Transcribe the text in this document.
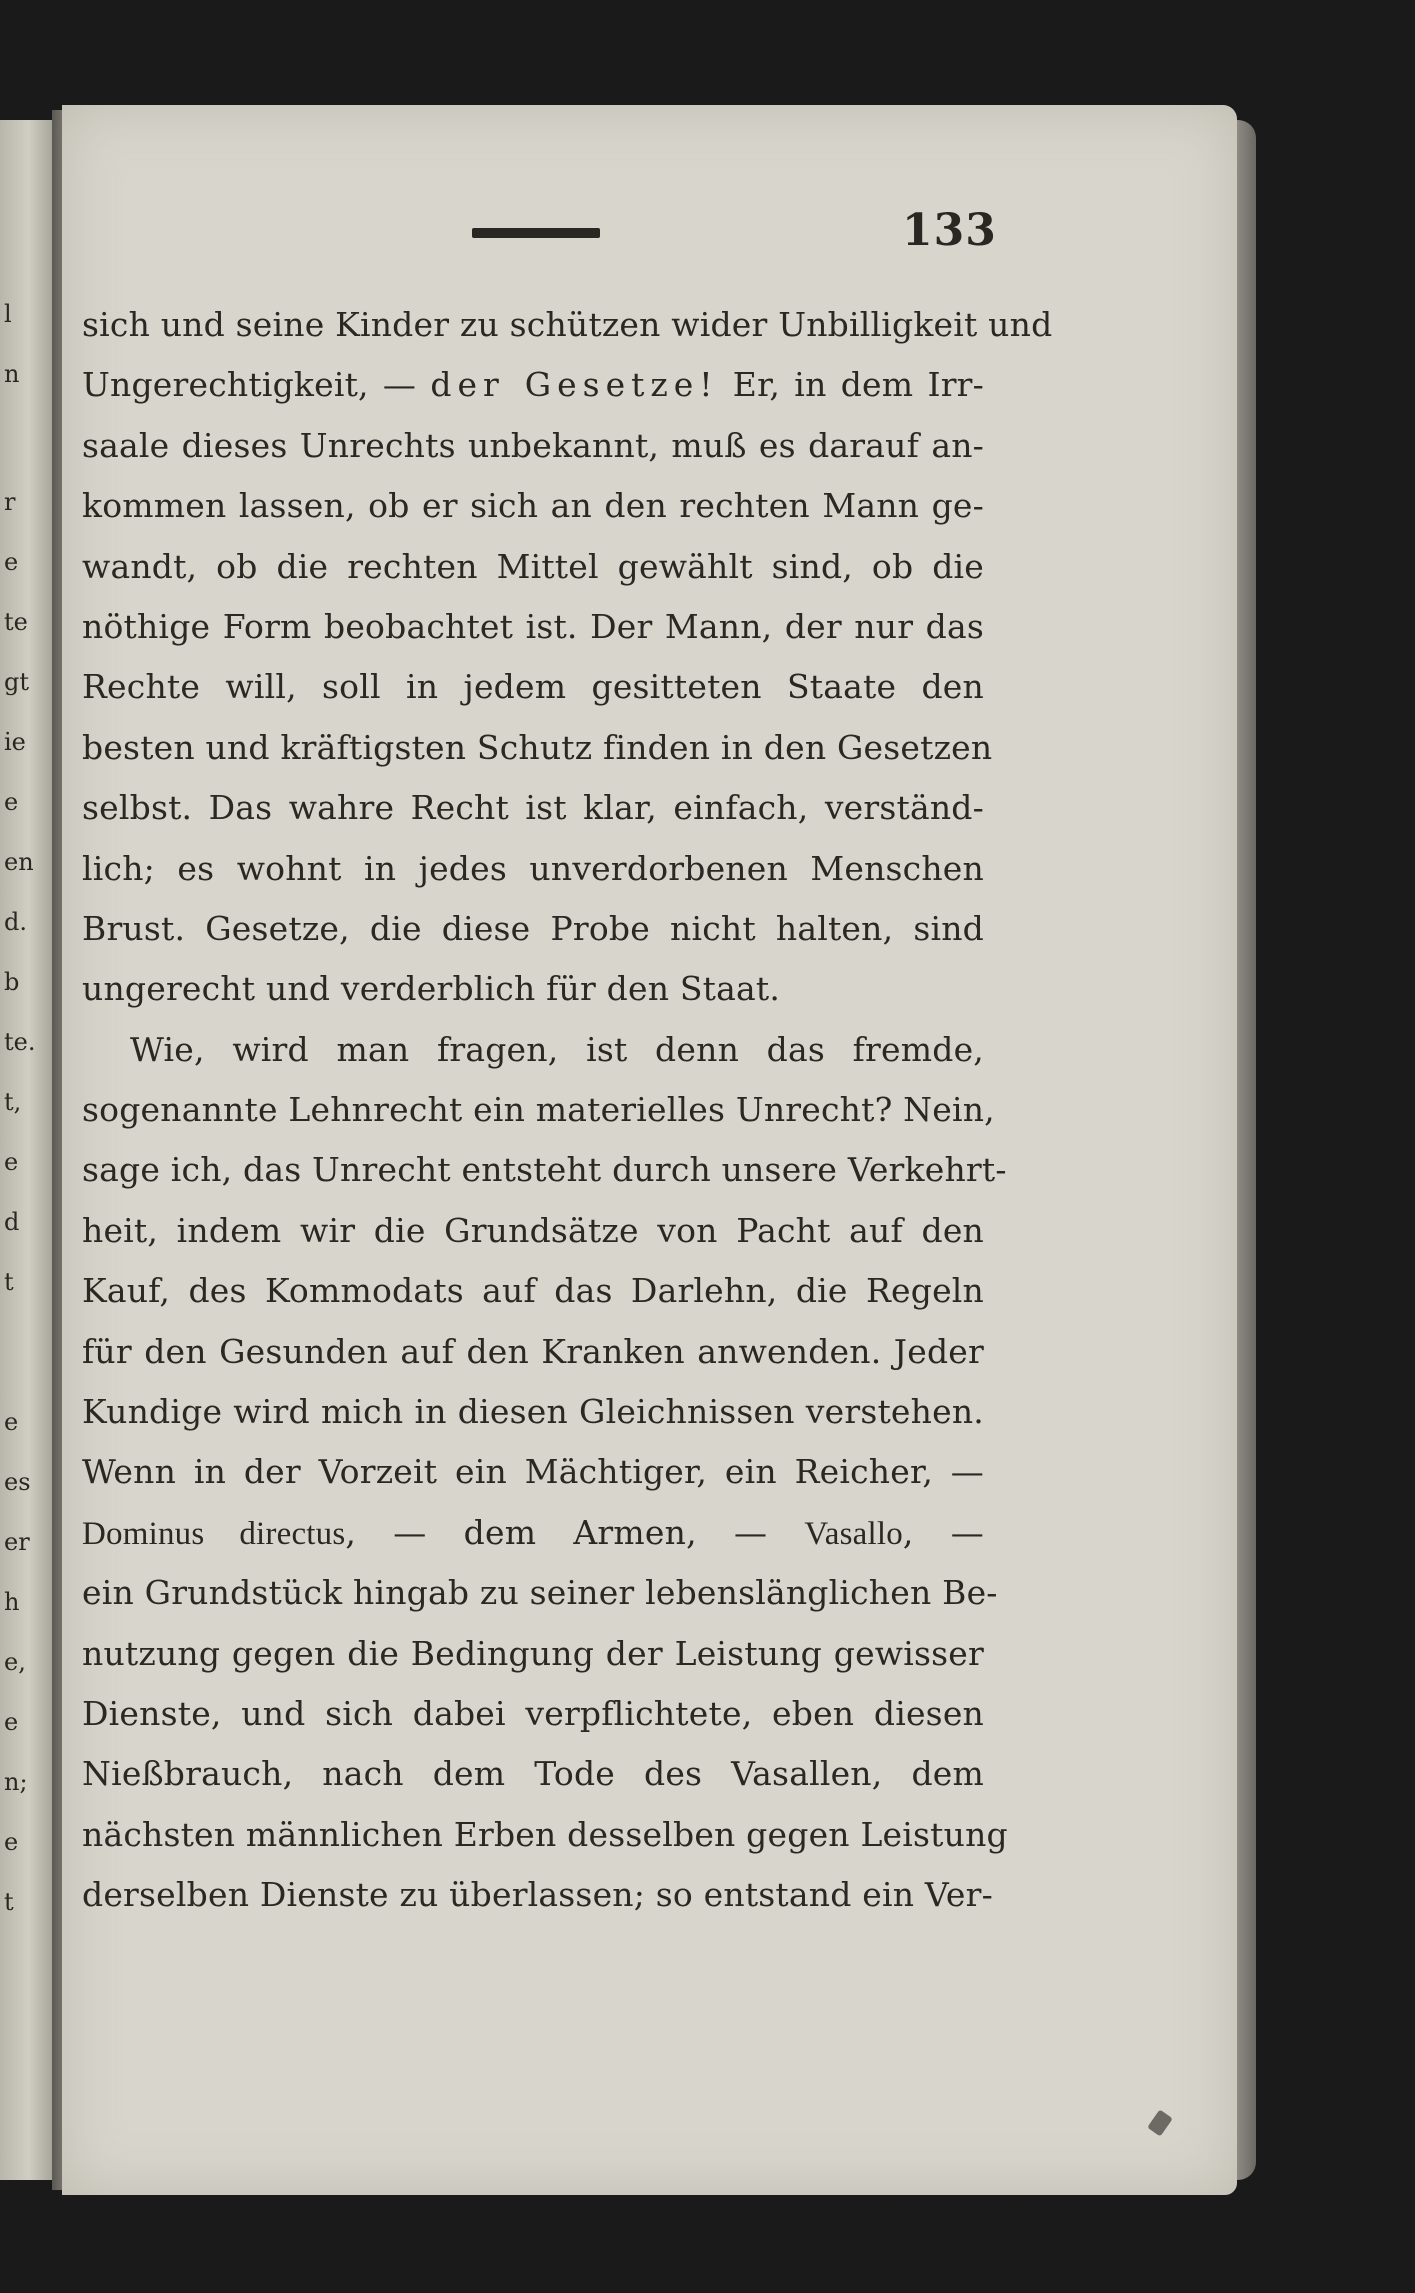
l
n
r
e
te
gt
ie
e
en
d.
b
te.
t,
e
d
t
e
es
er
h
e,
e
n;
e
t
133
sich und seine Kinder zu schützen wider Unbilligkeit und
Ungerechtigkeit, — der Gesetze! Er, in dem Irr-
saale dieses Unrechts unbekannt, muß es darauf an-
kommen lassen, ob er sich an den rechten Mann ge-
wandt, ob die rechten Mittel gewählt sind, ob die
nöthige Form beobachtet ist. Der Mann, der nur das
Rechte will, soll in jedem gesitteten Staate den
besten und kräftigsten Schutz finden in den Gesetzen
selbst. Das wahre Recht ist klar, einfach, verständ-
lich; es wohnt in jedes unverdorbenen Menschen
Brust. Gesetze, die diese Probe nicht halten, sind
ungerecht und verderblich für den Staat.
Wie, wird man fragen, ist denn das fremde,
sogenannte Lehnrecht ein materielles Unrecht? Nein,
sage ich, das Unrecht entsteht durch unsere Verkehrt-
heit, indem wir die Grundsätze von Pacht auf den
Kauf, des Kommodats auf das Darlehn, die Regeln
für den Gesunden auf den Kranken anwenden. Jeder
Kundige wird mich in diesen Gleichnissen verstehen.
Wenn in der Vorzeit ein Mächtiger, ein Reicher, —
Dominus directus, — dem Armen, — Vasallo, —
ein Grundstück hingab zu seiner lebenslänglichen Be-
nutzung gegen die Bedingung der Leistung gewisser
Dienste, und sich dabei verpflichtete, eben diesen
Nießbrauch, nach dem Tode des Vasallen, dem
nächsten männlichen Erben desselben gegen Leistung
derselben Dienste zu überlassen; so entstand ein Ver-
